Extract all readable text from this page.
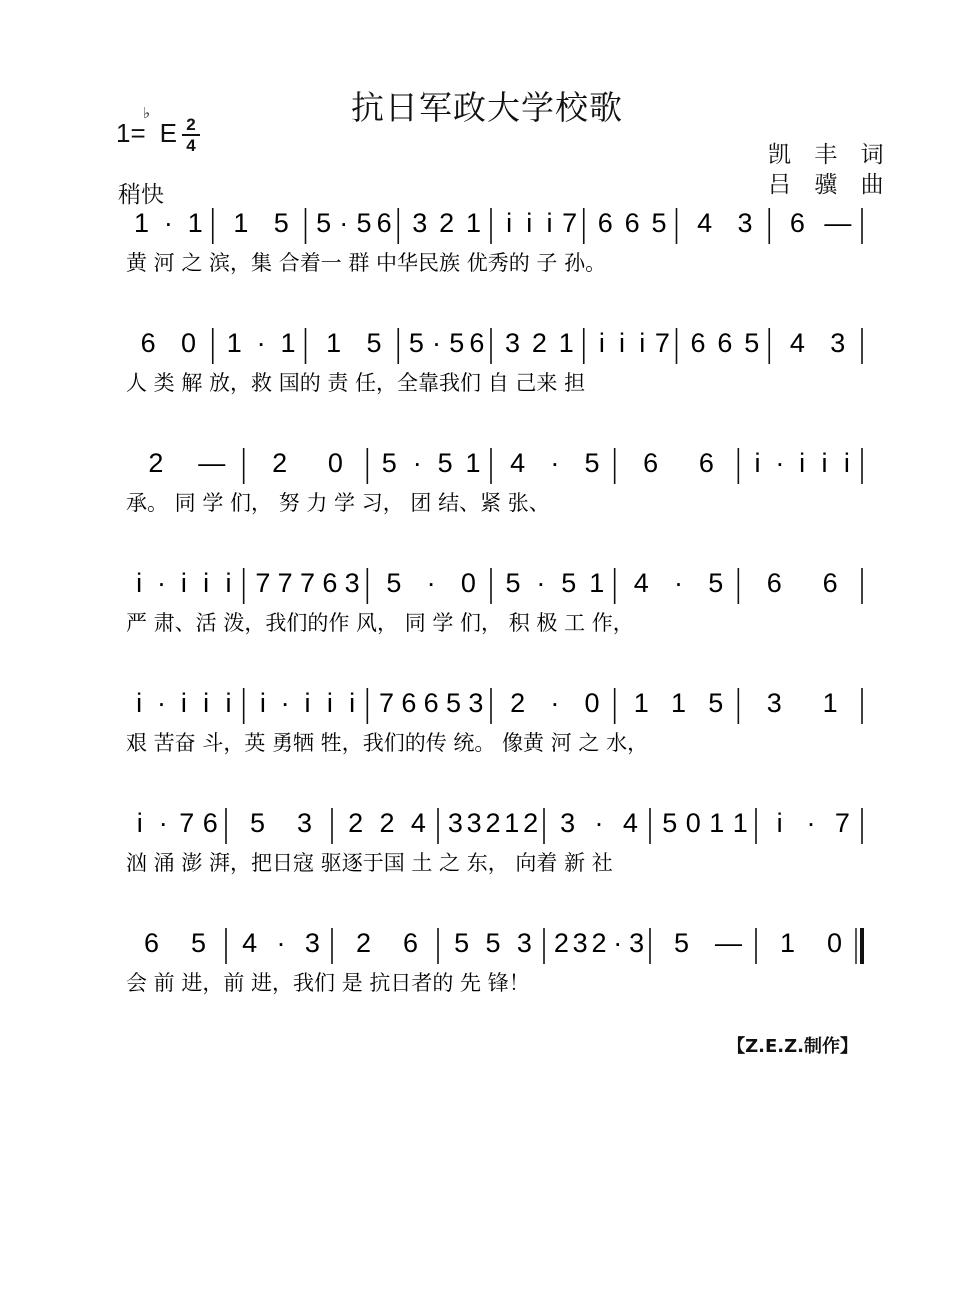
抗日军政大学校歌
1=
♭
E 2
4
稍快
凯 丰 词
吕 骥 曲
1 · 1 1 5 5 · 5 6 3 2 1 i i i 7 6 6 5 4 3 6 —
黄 河 之 滨，集 合着一 群 中华民族 优秀的 子 孙。
6 0 1 · 1 1 5 5 · 5 6 3 2 1 i i i 7 6 6 5 4 3
人 类 解 放，救 国的 责 任，全靠我们 自 己来 担
2 — 2 0 5 · 5 1 4 · 5 6 6 i · i i i
承。 同 学 们， 努 力 学 习， 团 结、紧 张、
i · i i i 7 7 7 6 3 5 · 0 5 · 5 1 4 · 5 6 6
严 肃、活 泼，我们的作 风， 同 学 们， 积 极 工 作，
i · i i i i · i i i 7 6 6 5 3 2 · 0 1 1 5 3 1
艰 苦奋 斗，英 勇牺 牲，我们的传 统。 像黄 河 之 水，
i · 7 6 5 3 2 2 4 3 3 2 1 2 3 · 4 5 0 1 1 i · 7
汹 涌 澎 湃，把日寇 驱逐于国 土 之 东， 向着 新 社
6 5 4 · 3 2 6 5 5 3 2 3 2 · 3 5 — 1 0
会 前 进，前 进，我们 是 抗日者的 先 锋！
【Z.E.Z.制作】
